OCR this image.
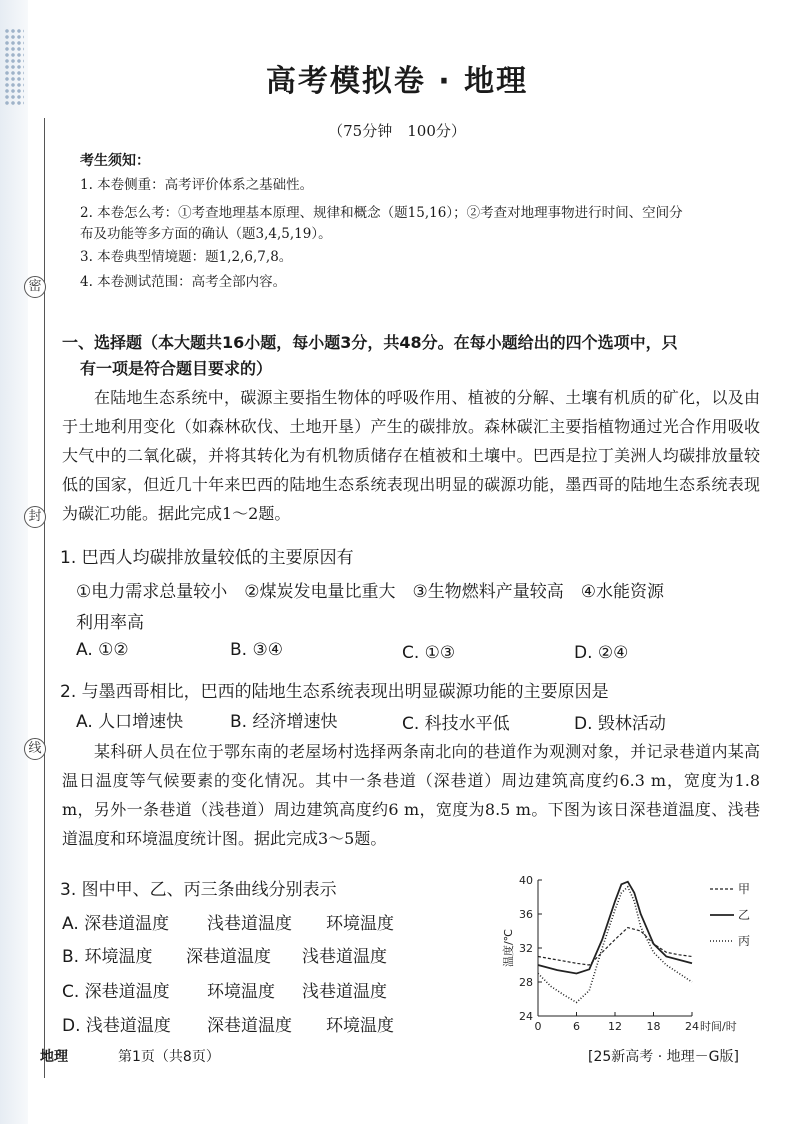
密
封
线
高考模拟卷 · 地理
（75分钟　100分）
考生须知：
1. 本卷侧重：高考评价体系之基础性。
2. 本卷怎么考：①考查地理基本原理、规律和概念（题15,16）；②考查对地理事物进行时间、空间分
布及功能等多方面的确认（题3,4,5,19）。
3. 本卷典型情境题：题1,2,6,7,8。
4. 本卷测试范围：高考全部内容。
一、选择题（本大题共16小题，每小题3分，共48分。在每小题给出的四个选项中，只
有一项是符合题目要求的）
在陆地生态系统中，碳源主要指生物体的呼吸作用、植被的分解、土壤有机质的矿化，以及由于土地利用变化（如森林砍伐、土地开垦）产生的碳排放。森林碳汇主要指植物通过光合作用吸收大气中的二氧化碳，并将其转化为有机物质储存在植被和土壤中。巴西是拉丁美洲人均碳排放量较低的国家，但近几十年来巴西的陆地生态系统表现出明显的碳源功能，墨西哥的陆地生态系统表现为碳汇功能。据此完成1～2题。
1. 巴西人均碳排放量较低的主要原因有
①电力需求总量较小　②煤炭发电量比重大　③生物燃料产量较高　④水能资源
利用率高
A. ①②	B. ③④	C. ①③	D. ②④
2. 与墨西哥相比，巴西的陆地生态系统表现出明显碳源功能的主要原因是
A. 人口增速快	B. 经济增速快	C. 科技水平低	D. 毁林活动
某科研人员在位于鄂东南的老屋场村选择两条南北向的巷道作为观测对象，并记录巷道内某高温日温度等气候要素的变化情况。其中一条巷道（深巷道）周边建筑高度约6.3 m，宽度为1.8 m，另外一条巷道（浅巷道）周边建筑高度约6 m，宽度为8.5 m。下图为该日深巷道温度、浅巷道温度和环境温度统计图。据此完成3～5题。
3. 图中甲、乙、丙三条曲线分别表示
A. 深巷道温度 浅巷道温度 环境温度
B. 环境温度 深巷道温度 浅巷道温度
C. 深巷道温度 环境温度 浅巷道温度
D. 浅巷道温度 深巷道温度 环境温度	24
28
32
36
40
0	6	12 18 24 时间/时
温度/℃
甲
乙
丙
地理	第1页（共8页）	[25新高考 · 地理－G版]
